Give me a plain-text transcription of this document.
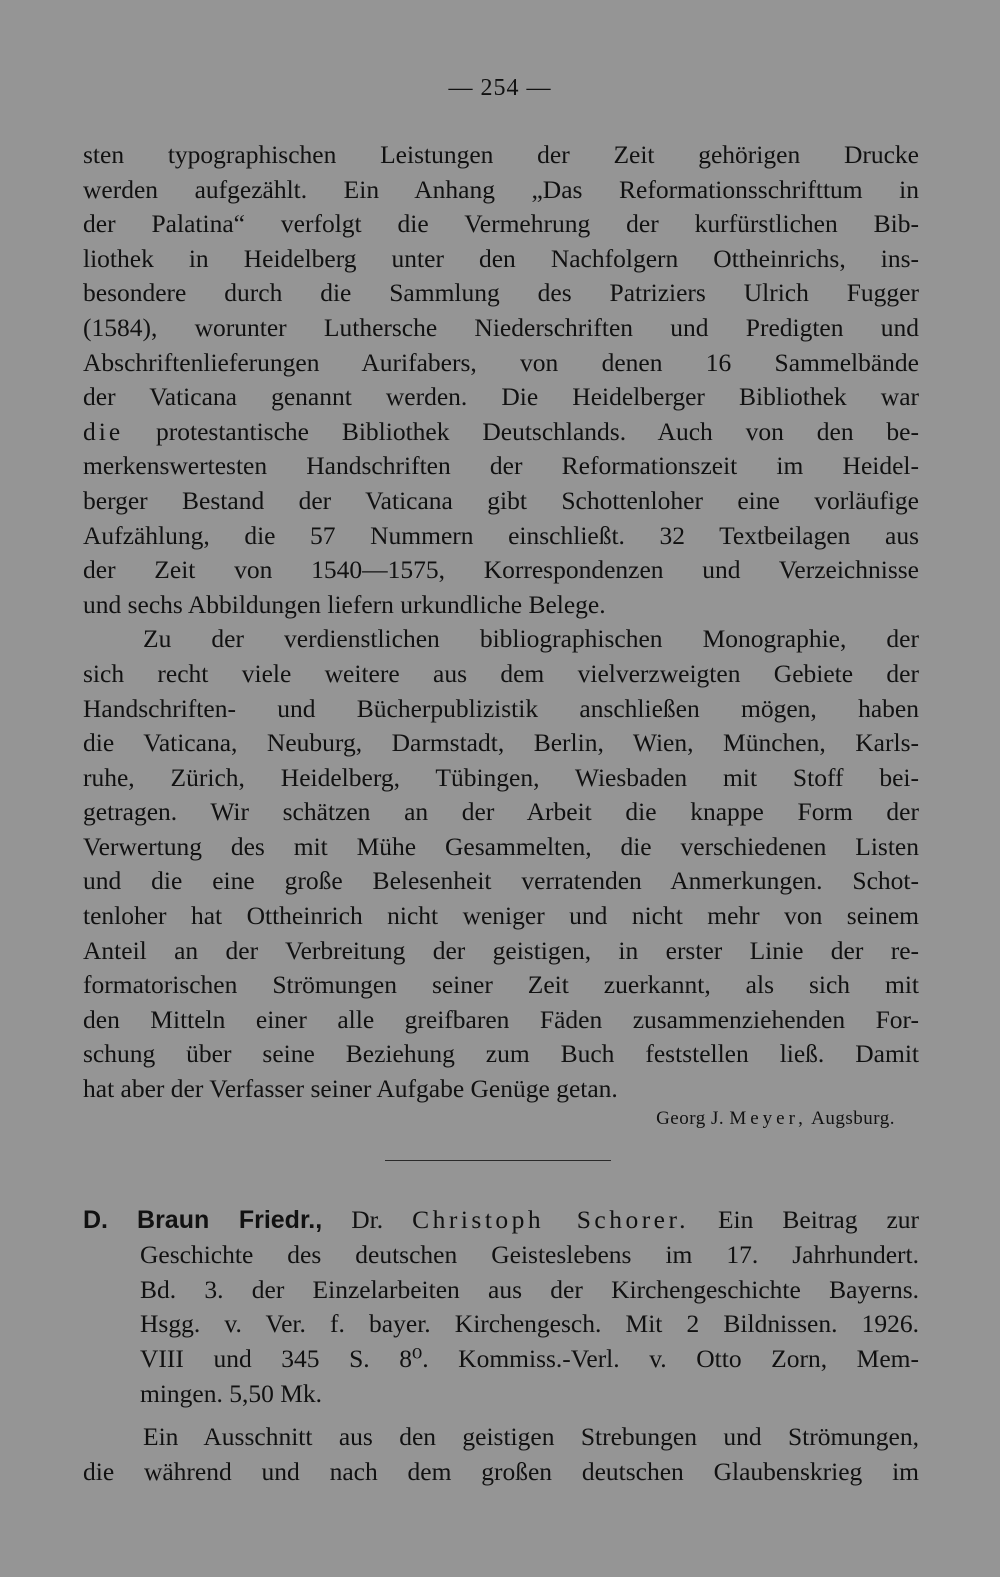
— 254 —
sten typographischen Leistungen der Zeit gehörigen Drucke
werden aufgezählt. Ein Anhang „Das Reformationsschrifttum in
der Palatina“ verfolgt die Vermehrung der kurfürstlichen Bib-
liothek in Heidelberg unter den Nachfolgern Ottheinrichs, ins-
besondere durch die Sammlung des Patriziers Ulrich Fugger
(1584), worunter Luthersche Niederschriften und Predigten und
Abschriftenlieferungen Aurifabers, von denen 16 Sammelbände
der Vaticana genannt werden. Die Heidelberger Bibliothek war
die protestantische Bibliothek Deutschlands. Auch von den be-
merkenswertesten Handschriften der Reformationszeit im Heidel-
berger Bestand der Vaticana gibt Schottenloher eine vorläufige
Aufzählung, die 57 Nummern einschließt. 32 Textbeilagen aus
der Zeit von 1540—1575, Korrespondenzen und Verzeichnisse
und sechs Abbildungen liefern urkundliche Belege.
Zu der verdienstlichen bibliographischen Monographie, der
sich recht viele weitere aus dem vielverzweigten Gebiete der
Handschriften- und Bücherpublizistik anschließen mögen, haben
die Vaticana, Neuburg, Darmstadt, Berlin, Wien, München, Karls-
ruhe, Zürich, Heidelberg, Tübingen, Wiesbaden mit Stoff bei-
getragen. Wir schätzen an der Arbeit die knappe Form der
Verwertung des mit Mühe Gesammelten, die verschiedenen Listen
und die eine große Belesenheit verratenden Anmerkungen. Schot-
tenloher hat Ottheinrich nicht weniger und nicht mehr von seinem
Anteil an der Verbreitung der geistigen, in erster Linie der re-
formatorischen Strömungen seiner Zeit zuerkannt, als sich mit
den Mitteln einer alle greifbaren Fäden zusammenziehenden For-
schung über seine Beziehung zum Buch feststellen ließ. Damit
hat aber der Verfasser seiner Aufgabe Genüge getan.
Georg J. Meyer, Augsburg.
D. Braun Friedr., Dr. Christoph Schorer. Ein Beitrag zur
Geschichte des deutschen Geisteslebens im 17. Jahrhundert.
Bd. 3. der Einzelarbeiten aus der Kirchengeschichte Bayerns.
Hsgg. v. Ver. f. bayer. Kirchengesch. Mit 2 Bildnissen. 1926.
VIII und 345 S. 8⁰. Kommiss.-Verl. v. Otto Zorn, Mem-
mingen. 5,50 Mk.
Ein Ausschnitt aus den geistigen Strebungen und Strömungen,
die während und nach dem großen deutschen Glaubenskrieg im
